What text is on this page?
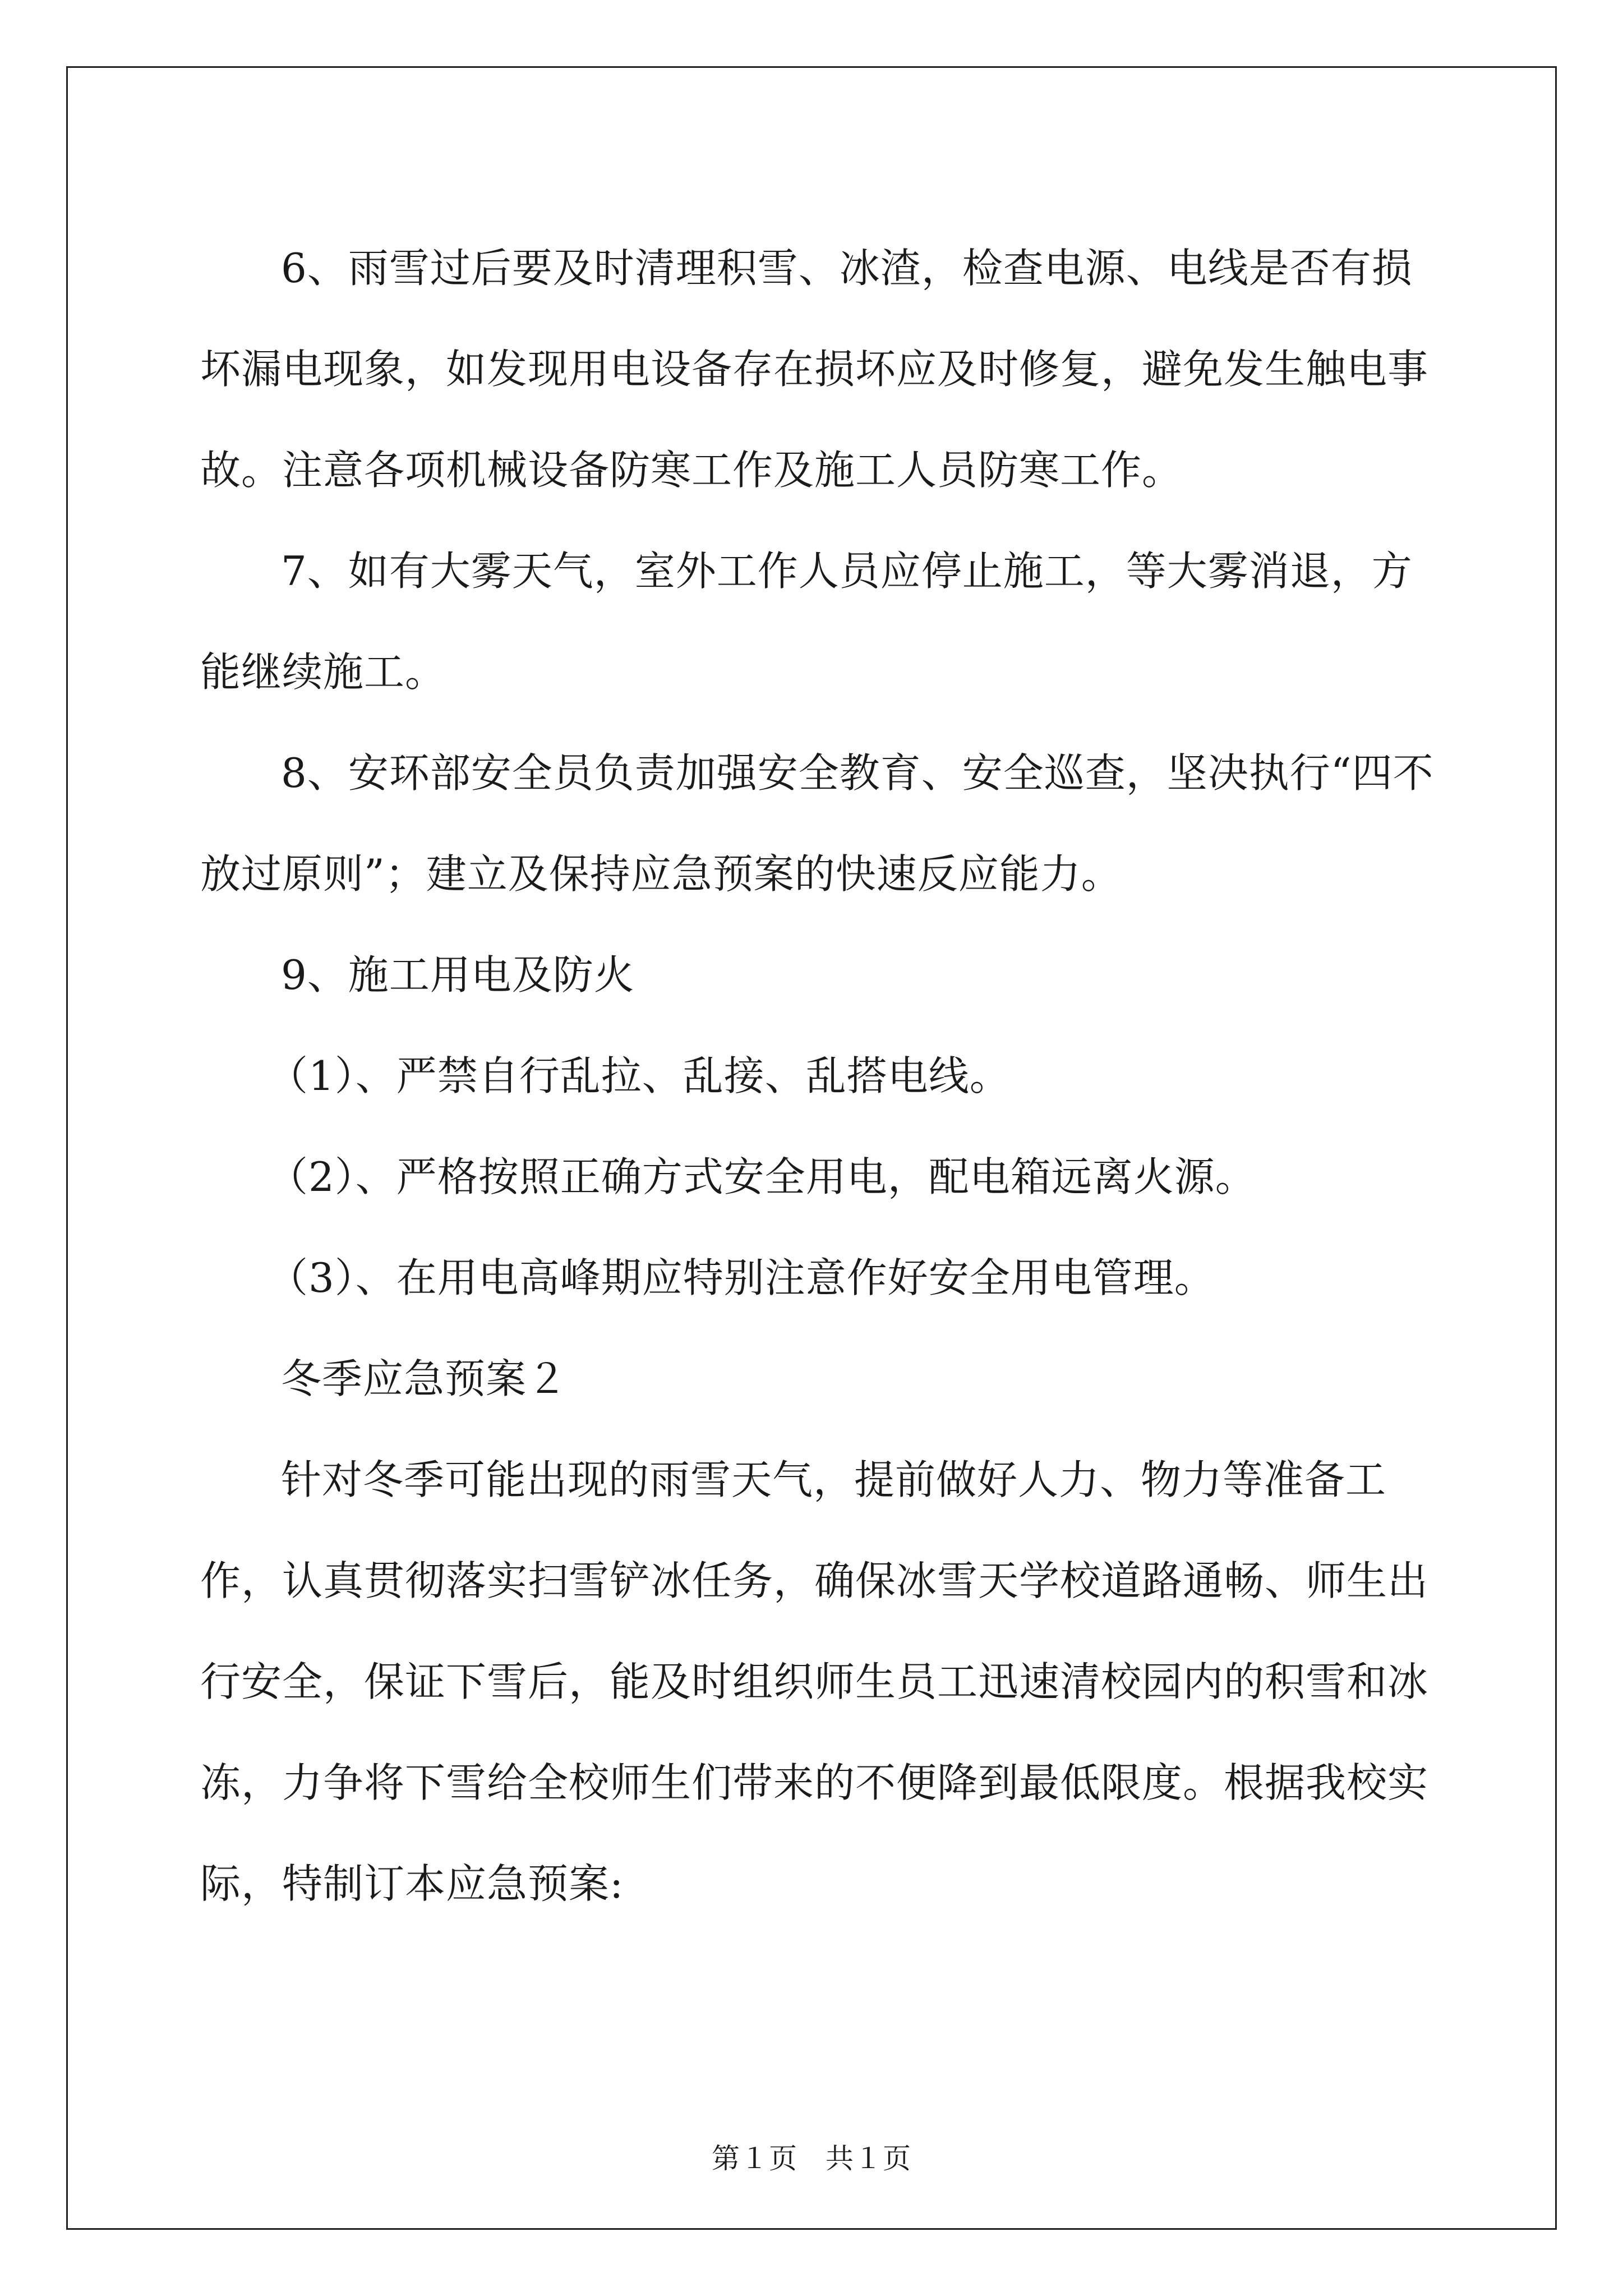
6、雨雪过后要及时清理积雪、冰渣，检查电源、电线是否有损坏漏电现象，如发现用电设备存在损坏应及时修复，避免发生触电事故。注意各项机械设备防寒工作及施工人员防寒工作。

7、如有大雾天气，室外工作人员应停止施工，等大雾消退，方能继续施工。

8、安环部安全员负责加强安全教育、安全巡查，坚决执行“四不放过原则”；建立及保持应急预案的快速反应能力。

9、施工用电及防火

（1）、严禁自行乱拉、乱接、乱搭电线。

（2）、严格按照正确方式安全用电，配电箱远离火源。

（3）、在用电高峰期应特别注意作好安全用电管理。

冬季应急预案２

针对冬季可能出现的雨雪天气，提前做好人力、物力等准备工作，认真贯彻落实扫雪铲冰任务，确保冰雪天学校道路通畅、师生出行安全，保证下雪后，能及时组织师生员工迅速清校园内的积雪和冰冻，力争将下雪给全校师生们带来的不便降到最低限度。根据我校实际，特制订本应急预案:

第１页 共１页
